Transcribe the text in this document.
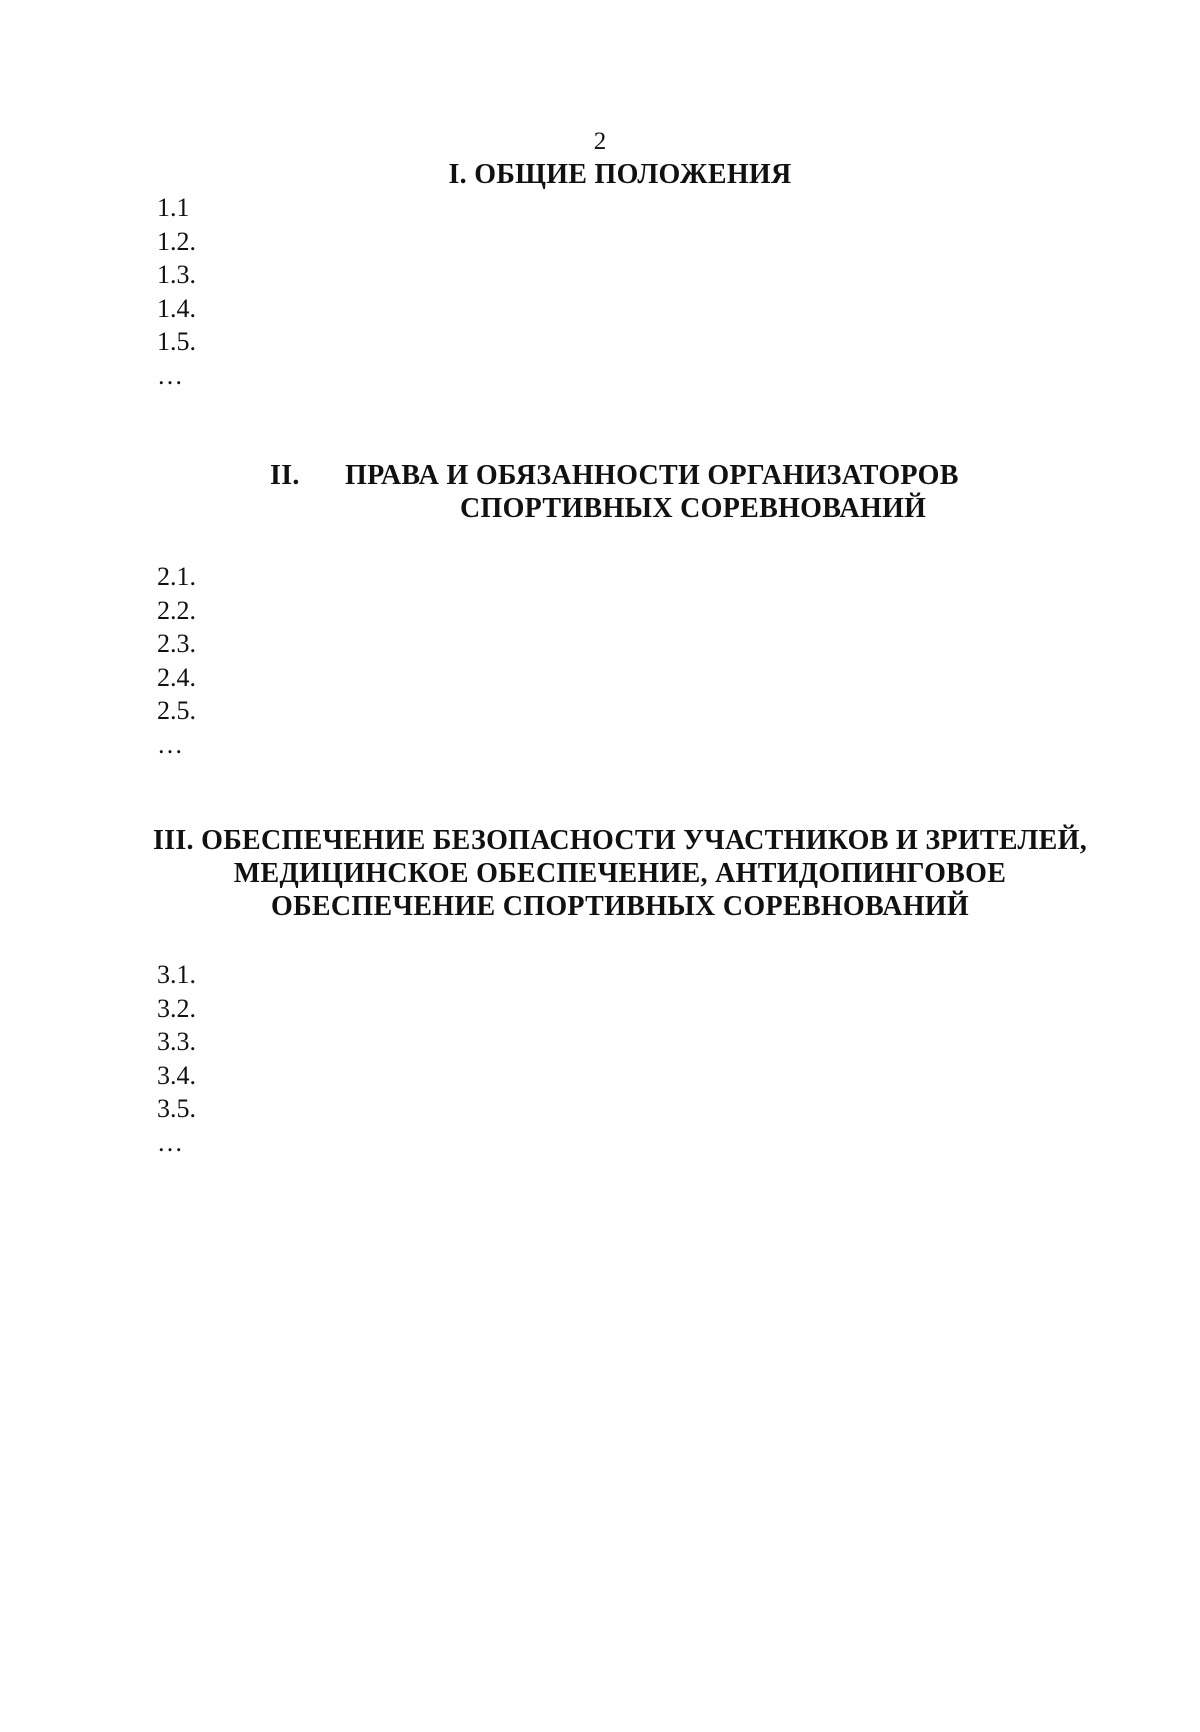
2
I. ОБЩИЕ ПОЛОЖЕНИЯ
1.1
1.2.
1.3.
1.4.
1.5.
…
II. ПРАВА И ОБЯЗАННОСТИ ОРГАНИЗАТОРОВ
СПОРТИВНЫХ СОРЕВНОВАНИЙ
2.1.
2.2.
2.3.
2.4.
2.5.
…
III. ОБЕСПЕЧЕНИЕ БЕЗОПАСНОСТИ УЧАСТНИКОВ И ЗРИТЕЛЕЙ,
МЕДИЦИНСКОЕ ОБЕСПЕЧЕНИЕ, АНТИДОПИНГОВОЕ
ОБЕСПЕЧЕНИЕ СПОРТИВНЫХ СОРЕВНОВАНИЙ
3.1.
3.2.
3.3.
3.4.
3.5.
…
